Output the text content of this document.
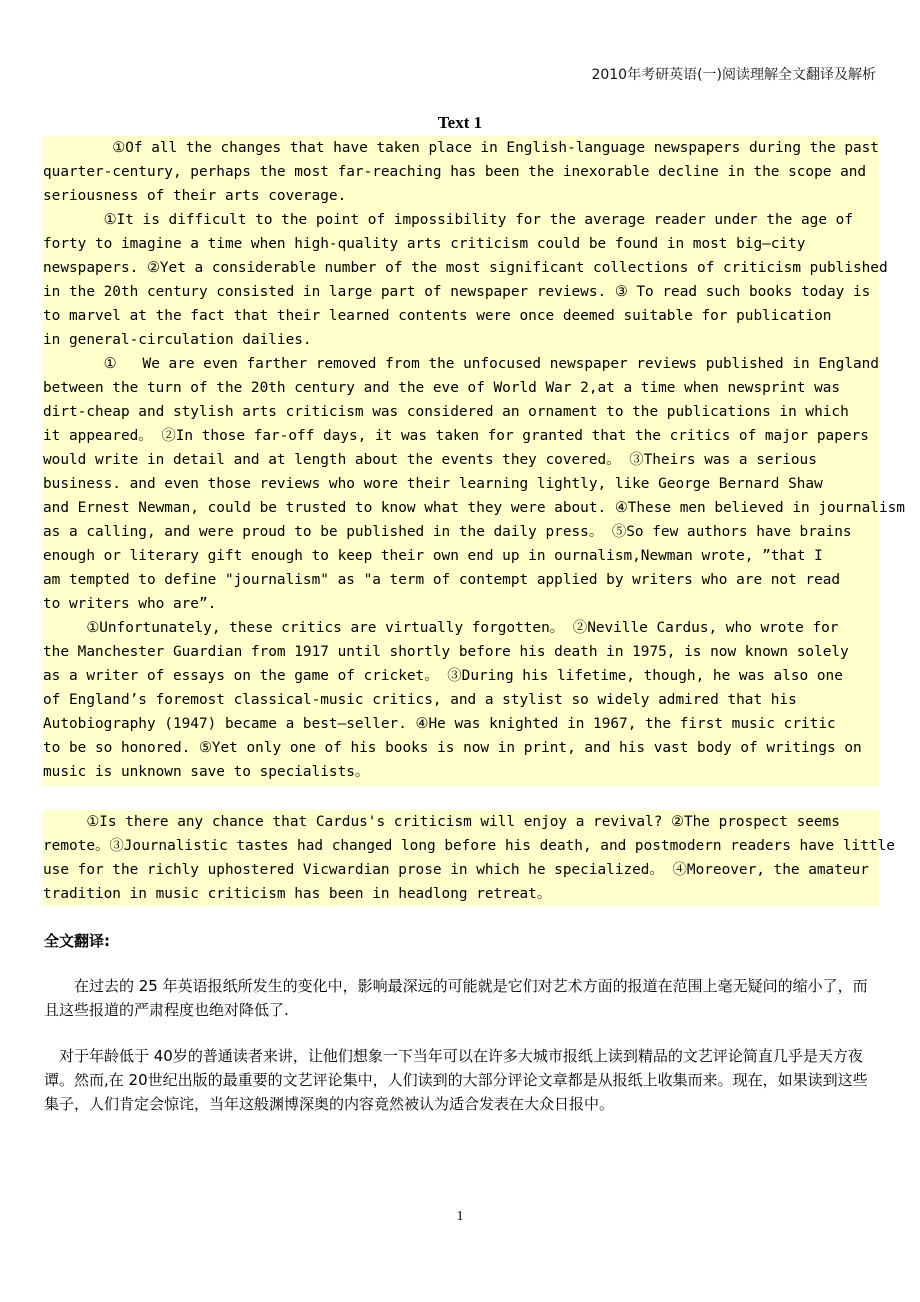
2010年考研英语(一)阅读理解全文翻译及解析
Text 1
①Of all the changes that have taken place in English-language newspapers during the past
quarter-century, perhaps the most far-reaching has been the inexorable decline in the scope and
seriousness of their arts coverage.
①It is difficult to the point of impossibility for the average reader under the age of
forty to imagine a time when high-quality arts criticism could be found in most big—city
newspapers. ②Yet a considerable number of the most significant collections of criticism published
in the 20th century consisted in large part of newspaper reviews. ③ To read such books today is
to marvel at the fact that their learned contents were once deemed suitable for publication
in general-circulation dailies.
①   We are even farther removed from the unfocused newspaper reviews published in England
between the turn of the 20th century and the eve of World War 2,at a time when newsprint was
dirt-cheap and stylish arts criticism was considered an ornament to the publications in which
it appeared。 ②In those far-off days, it was taken for granted that the critics of major papers
would write in detail and at length about the events they covered。 ③Theirs was a serious
business. and even those reviews who wore their learning lightly, like George Bernard Shaw
and Ernest Newman, could be trusted to know what they were about. ④These men believed in journalism
as a calling, and were proud to be published in the daily press。 ⑤So few authors have brains
enough or literary gift enough to keep their own end up in ournalism,Newman wrote, ”that I
am tempted to define "journalism" as "a term of contempt applied by writers who are not read
to writers who are”.
①Unfortunately, these critics are virtually forgotten。 ②Neville Cardus, who wrote for
the Manchester Guardian from 1917 until shortly before his death in 1975, is now known solely
as a writer of essays on the game of cricket。 ③During his lifetime, though, he was also one
of England’s foremost classical-music critics, and a stylist so widely admired that his
Autobiography (1947) became a best—seller. ④He was knighted in 1967, the first music critic
to be so honored. ⑤Yet only one of his books is now in print, and his vast body of writings on
music is unknown save to specialists。
①Is there any chance that Cardus's criticism will enjoy a revival? ②The prospect seems
remote。③Journalistic tastes had changed long before his death, and postmodern readers have little
use for the richly uphostered Vicwardian prose in which he specialized。 ④Moreover, the amateur
tradition in music criticism has been in headlong retreat。
全文翻译:
　　在过去的 25 年英语报纸所发生的变化中，影响最深远的可能就是它们对艺术方面的报道在范围上毫无疑问的缩小了，而且这些报道的严肃程度也绝对降低了.
　对于年龄低于 40岁的普通读者来讲，让他们想象一下当年可以在许多大城市报纸上读到精品的文艺评论简直几乎是天方夜谭。然而,在 20世纪出版的最重要的文艺评论集中，人们读到的大部分评论文章都是从报纸上收集而来。现在，如果读到这些集子，人们肯定会惊诧，当年这般渊博深奥的内容竟然被认为适合发表在大众日报中。
1
